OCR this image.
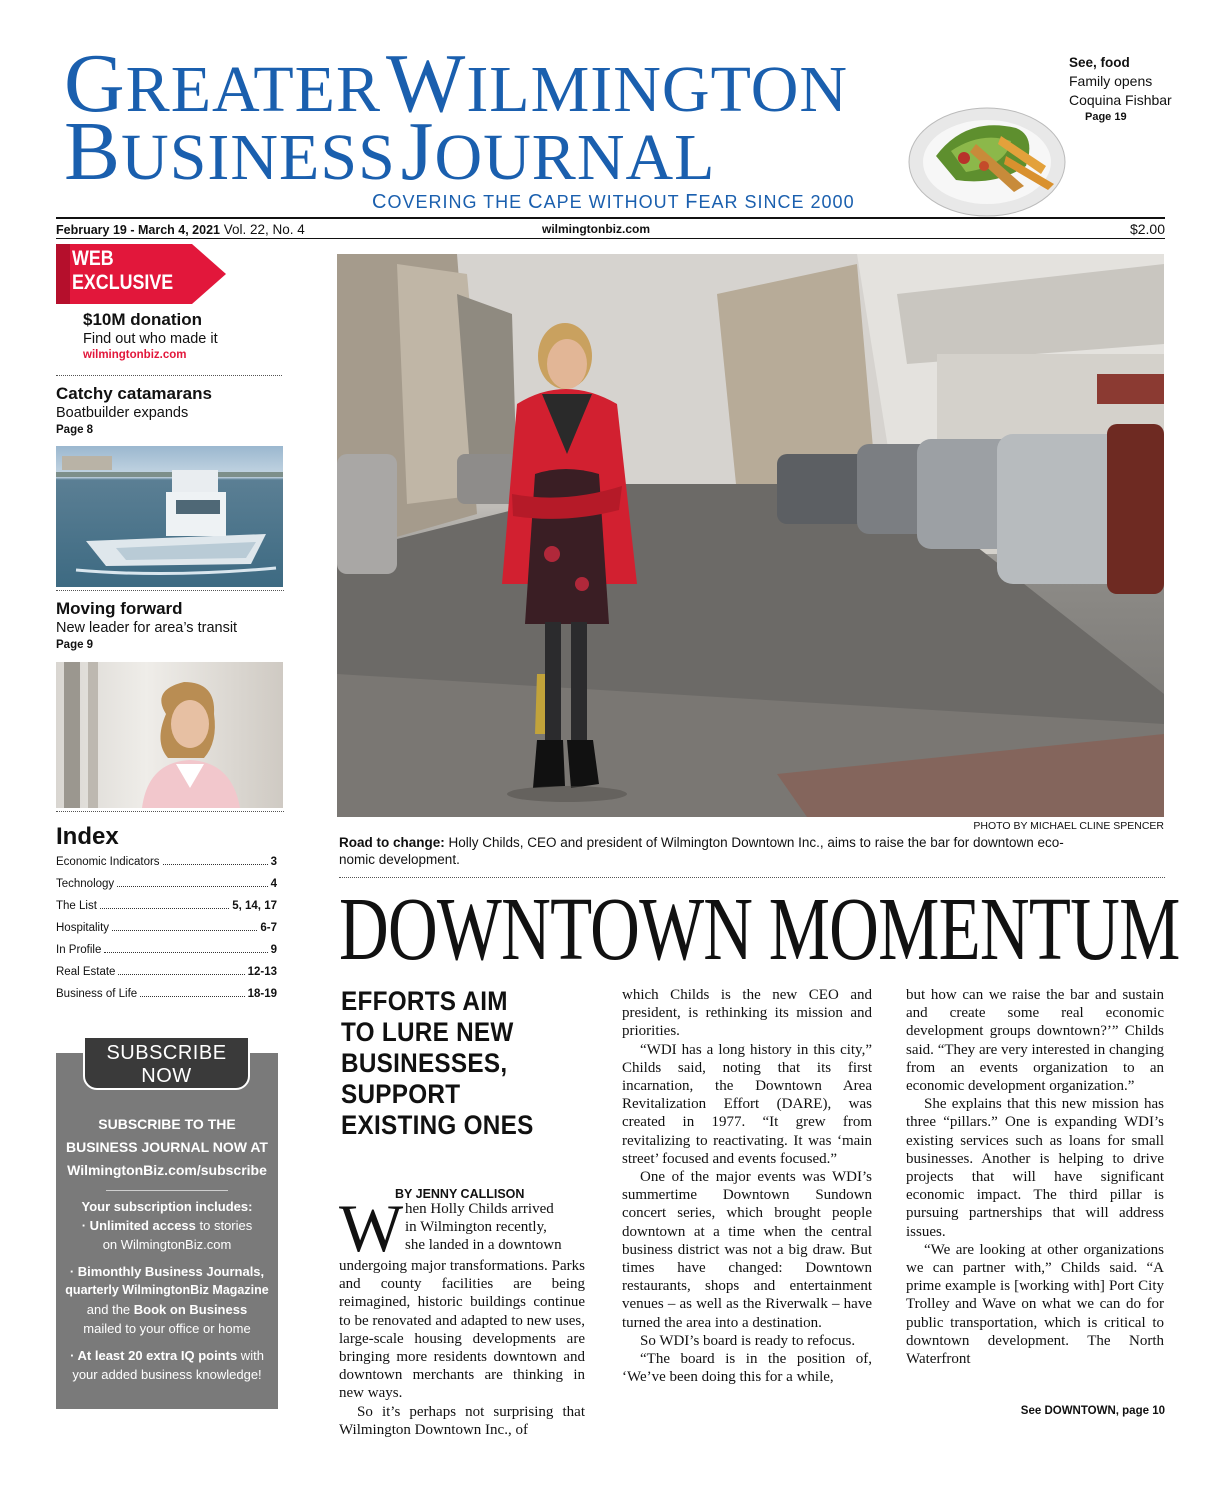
GREATER WILMINGTON
BUSINESS JOURNAL
COVERING THE CAPE WITHOUT FEAR SINCE 2000
See, food
Family opens
Coquina Fishbar
Page 19
February 19 - March 4, 2021 Vol. 22, No. 4	wilmingtonbiz.com	$2.00
WEB
EXCLUSIVE
$10M donation
Find out who made it
wilmingtonbiz.com
Catchy catamarans
Boatbuilder expands
Page 8
Moving forward
New leader for area’s transit
Page 9
Index
Economic Indicators	3
Technology	4
The List	5, 14, 17
Hospitality	6-7
In Profile	9
Real Estate	12-13
Business of Life	18-19
SUBSCRIBE
NOW
SUBSCRIBE TO THE
BUSINESS JOURNAL NOW AT
WilmingtonBiz.com/subscribe
Your subscription includes:
· Unlimited access to stories
on WilmingtonBiz.com
· Bimonthly Business Journals,
quarterly WilmingtonBiz Magazine
and the Book on Business
mailed to your office or home
· At least 20 extra IQ points with
your added business knowledge!
PHOTO BY MICHAEL CLINE SPENCER
Road to change: Holly Childs, CEO and president of Wilmington Downtown Inc., aims to raise the bar for downtown eco-
nomic development.
DOWNTOWN MOMENTUM
EFFORTS AIM
TO LURE NEW
BUSINESSES,
SUPPORT
EXISTING ONES
BY JENNY CALLISON
W hen Holly Childs arrived
in Wilmington recently,
she landed in a downtown

undergoing major transformations. Parks and county facilities are being reimagined, historic buildings continue to be renovated and adapted to new uses, large-scale housing developments are bringing more residents downtown and downtown merchants are thinking in new ways.

So it’s perhaps not surprising that Wilmington Downtown Inc., of

which Childs is the new CEO and president, is rethinking its mission and priorities.

“WDI has a long history in this city,” Childs said, noting that its first incarnation, the Downtown Area Revitalization Effort (DARE), was created in 1977. “It grew from revitalizing to reactivating. It was ‘main street’ focused and events focused.”

One of the major events was WDI’s summertime Downtown Sundown concert series, which brought people downtown at a time when the central business district was not a big draw. But times have changed: Downtown restaurants, shops and entertainment venues – as well as the Riverwalk – have turned the area into a destination.

So WDI’s board is ready to refocus.

“The board is in the position of, ‘We’ve been doing this for a while,

but how can we raise the bar and sustain and create some real economic development groups downtown?’” Childs said. “They are very interested in changing from an events organization to an economic development organization.”

She explains that this new mission has three “pillars.” One is expanding WDI’s existing services such as loans for small businesses. Another is helping to drive projects that will have significant economic impact. The third pillar is pursuing partnerships that will address issues.

“We are looking at other organizations we can partner with,” Childs said. “A prime example is [working with] Port City Trolley and Wave on what we can do for public transportation, which is critical to downtown development. The North Waterfront

See DOWNTOWN, page 10
